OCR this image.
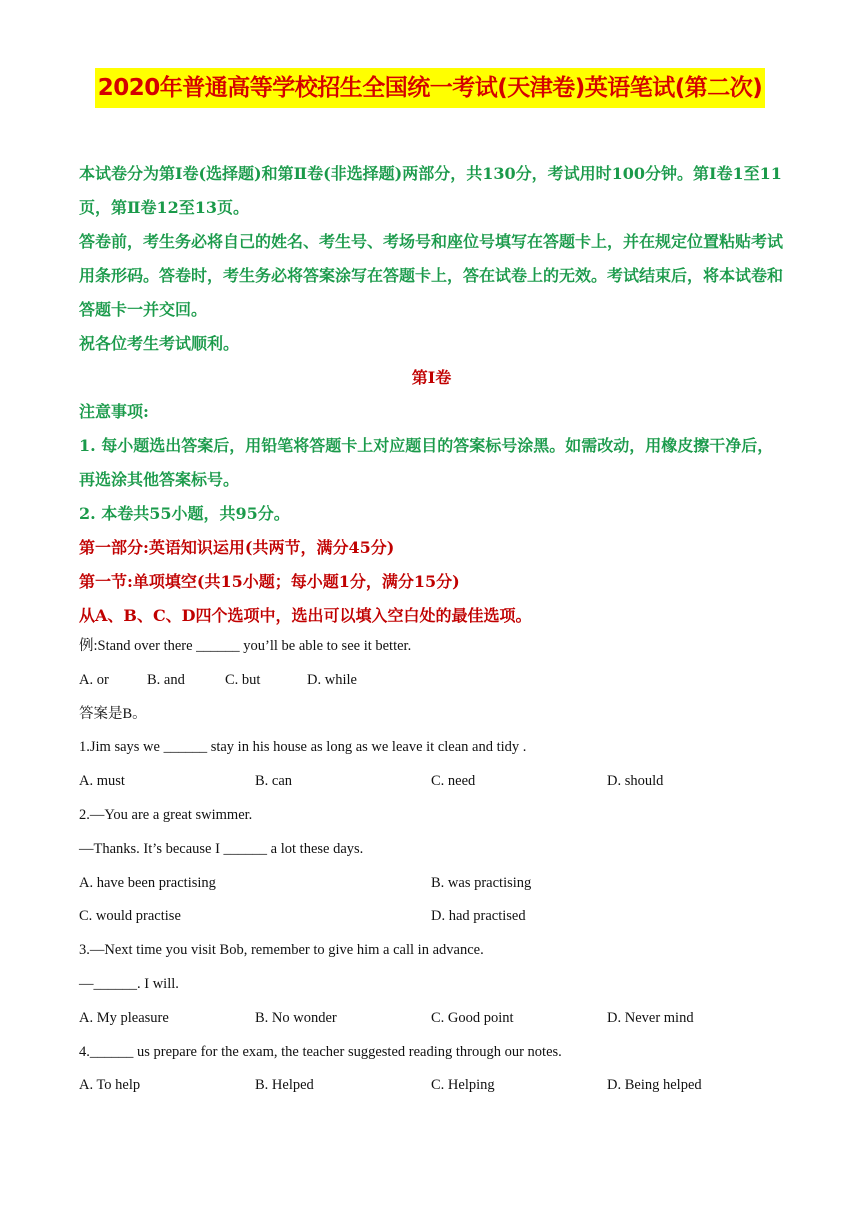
2020年普通高等学校招生全国统一考试(天津卷)英语笔试(第二次)

本试卷分为第Ⅰ卷(选择题)和第Ⅱ卷(非选择题)两部分，共130分，考试用时100分钟。第Ⅰ卷1至11页，第Ⅱ卷12至13页。

答卷前，考生务必将自己的姓名、考生号、考场号和座位号填写在答题卡上，并在规定位置粘贴考试用条形码。答卷时，考生务必将答案涂写在答题卡上，答在试卷上的无效。考试结束后，将本试卷和答题卡一并交回。

祝各位考生考试顺利。

第Ⅰ卷

注意事项:

1. 每小题选出答案后，用铅笔将答题卡上对应题目的答案标号涂黑。如需改动，用橡皮擦干净后，再选涂其他答案标号。

2. 本卷共55小题，共95分。

第一部分:英语知识运用(共两节，满分45分)

第一节:单项填空(共15小题；每小题1分，满分15分)

从A、B、C、D四个选项中，选出可以填入空白处的最佳选项。

例:Stand over there ______ you’ll be able to see it better.

A. or	B. and	C. but	D. while

答案是B。

1.Jim says we ______ stay in his house as long as we leave it clean and tidy .

A. must	B. can	C. need	D. should

2.—You are a great swimmer.

—Thanks. It’s because I ______ a lot these days.

A. have been practising	B. was practising

C. would practise	D. had practised

3.—Next time you visit Bob, remember to give him a call in advance.

—______. I will.

A. My pleasure	B. No wonder	C. Good point	D. Never mind

4.______ us prepare for the exam, the teacher suggested reading through our notes.

A. To help	B. Helped	C. Helping	D. Being helped
